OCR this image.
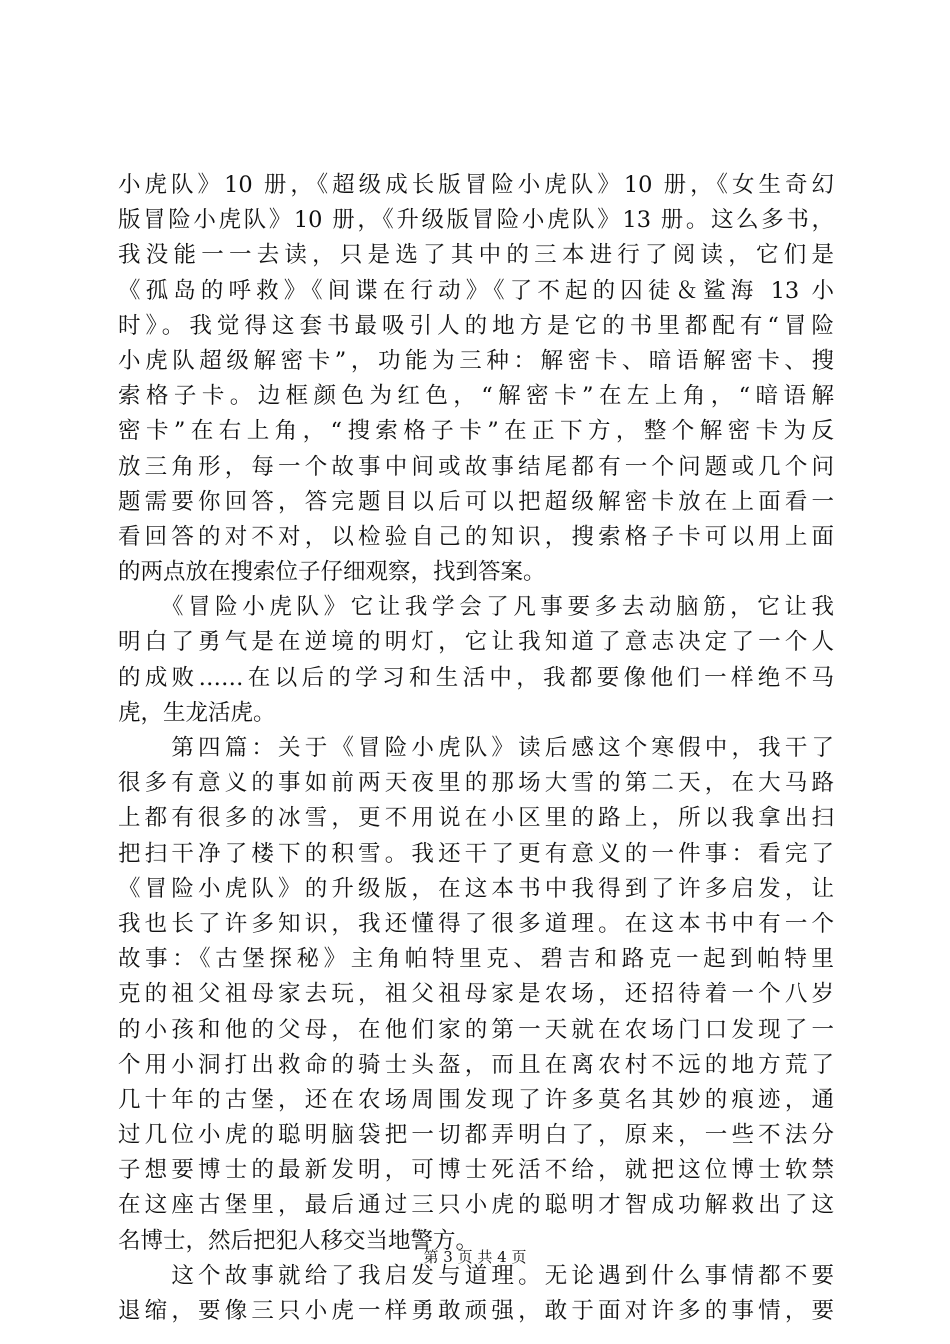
小虎队》10 册，《超级成长版冒险小虎队》10 册，《女生奇幻
版冒险小虎队》10 册，《升级版冒险小虎队》13 册。这么多书，
我没能一一去读，只是选了其中的三本进行了阅读，它们是
《孤岛的呼救》《间谍在行动》《了不起的囚徒＆鲨海 13 小
时》。我觉得这套书最吸引人的地方是它的书里都配有“冒险
小虎队超级解密卡”，功能为三种：解密卡、暗语解密卡、搜
索格子卡。边框颜色为红色，“解密卡”在左上角，“暗语解
密卡”在右上角，“搜索格子卡”在正下方，整个解密卡为反
放三角形，每一个故事中间或故事结尾都有一个问题或几个问
题需要你回答，答完题目以后可以把超级解密卡放在上面看一
看回答的对不对，以检验自己的知识，搜索格子卡可以用上面
的两点放在搜索位子仔细观察，找到答案。
　　《冒险小虎队》它让我学会了凡事要多去动脑筋，它让我
明白了勇气是在逆境的明灯，它让我知道了意志决定了一个人
的成败……在以后的学习和生活中，我都要像他们一样绝不马
虎，生龙活虎。
　　第四篇：关于《冒险小虎队》读后感这个寒假中，我干了
很多有意义的事如前两天夜里的那场大雪的第二天，在大马路
上都有很多的冰雪，更不用说在小区里的路上，所以我拿出扫
把扫干净了楼下的积雪。我还干了更有意义的一件事：看完了
《冒险小虎队》的升级版，在这本书中我得到了许多启发，让
我也长了许多知识，我还懂得了很多道理。在这本书中有一个
故事：《古堡探秘》主角帕特里克、碧吉和路克一起到帕特里
克的祖父祖母家去玩，祖父祖母家是农场，还招待着一个八岁
的小孩和他的父母，在他们家的第一天就在农场门口发现了一
个用小洞打出救命的骑士头盔，而且在离农村不远的地方荒了
几十年的古堡，还在农场周围发现了许多莫名其妙的痕迹，通
过几位小虎的聪明脑袋把一切都弄明白了，原来，一些不法分
子想要博士的最新发明，可博士死活不给，就把这位博士软禁
在这座古堡里，最后通过三只小虎的聪明才智成功解救出了这
名博士，然后把犯人移交当地警方。
　　这个故事就给了我启发与道理。无论遇到什么事情都不要
退缩，要像三只小虎一样勇敢顽强，敢于面对许多的事情，要
第 3 页 共 4 页
